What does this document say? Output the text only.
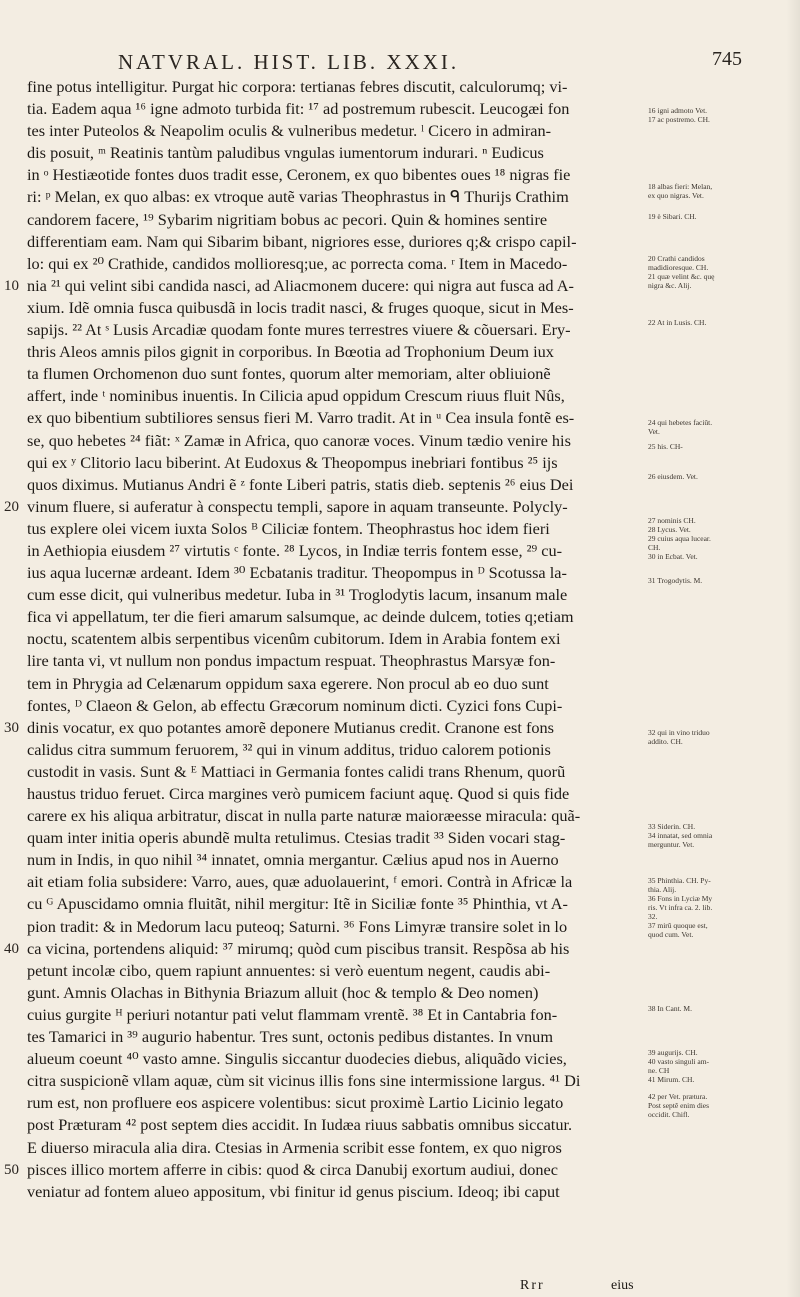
NATVRAL. HIST. LIB. XXXI.	745
fine potus intelligitur. Purgat hic corpora: tertianas febres discutit, calculorumq; vi-
tia. Eadem aqua ¹⁶ igne admoto turbida fit: ¹⁷ ad postremum rubescit. Leucogæi fon
tes inter Puteolos & Neapolim oculis & vulneribus medetur. ˡ Cicero in admiran-
dis posuit, ᵐ Reatinis tantùm paludibus vngulas iumentorum indurari. ⁿ Eudicus
in ᵒ Hestiæotide fontes duos tradit esse, Ceronem, ex quo bibentes oues ¹⁸ nigras fie
ri: ᵖ Melan, ex quo albas: ex vtroque autẽ varias Theophrastus in ᑫ Thurijs Crathim
candorem facere, ¹⁹ Sybarim nigritiam bobus ac pecori. Quin & homines sentire
differentiam eam. Nam qui Sibarim bibant, nigriores esse, duriores q;& crispo capil-
lo: qui ex ²⁰ Crathide, candidos mollioresq;ue, ac porrecta coma. ʳ Item in Macedo-
nia ²¹ qui velint sibi candida nasci, ad Aliacmonem ducere: qui nigra aut fusca ad A-
xium. Idẽ omnia fusca quibusdã in locis tradit nasci, & fruges quoque, sicut in Mes-
sapijs. ²² At ˢ Lusis Arcadiæ quodam fonte mures terrestres viuere & cõuersari. Ery-
thris Aleos amnis pilos gignit in corporibus. In Bœotia ad Trophonium Deum iux
ta flumen Orchomenon duo sunt fontes, quorum alter memoriam, alter obliuionẽ
affert, inde ᵗ nominibus inuentis. In Cilicia apud oppidum Crescum riuus fluit Nûs,
ex quo bibentium subtiliores sensus fieri M. Varro tradit. At in ᵘ Cea insula fontẽ es-
se, quo hebetes ²⁴ fiãt: ˣ Zamæ in Africa, quo canoræ voces. Vinum tædio venire his
qui ex ʸ Clitorio lacu biberint. At Eudoxus & Theopompus inebriari fontibus ²⁵ ijs
quos diximus. Mutianus Andri ẽ ᶻ fonte Liberi patris, statis dieb. septenis ²⁶ eius Dei
vinum fluere, si auferatur à conspectu templi, sapore in aquam transeunte. Polycly-
tus explere olei vicem iuxta Solos ᴮ Ciliciæ fontem. Theophrastus hoc idem fieri
in Aethiopia eiusdem ²⁷ virtutis ᶜ fonte. ²⁸ Lycos, in Indiæ terris fontem esse, ²⁹ cu-
ius aqua lucernæ ardeant. Idem ³⁰ Ecbatanis traditur. Theopompus in ᴰ Scotussa la-
cum esse dicit, qui vulneribus medetur. Iuba in ³¹ Troglodytis lacum, insanum male
fica vi appellatum, ter die fieri amarum salsumque, ac deinde dulcem, toties q;etiam
noctu, scatentem albis serpentibus vicenûm cubitorum. Idem in Arabia fontem exi
lire tanta vi, vt nullum non pondus impactum respuat. Theophrastus Marsyæ fon-
tem in Phrygia ad Celænarum oppidum saxa egerere. Non procul ab eo duo sunt
fontes, ᴰ Claeon & Gelon, ab effectu Græcorum nominum dicti. Cyzici fons Cupi-
dinis vocatur, ex quo potantes amorẽ deponere Mutianus credit. Cranone est fons
calidus citra summum feruorem, ³² qui in vinum additus, triduo calorem potionis
custodit in vasis. Sunt & ᴱ Mattiaci in Germania fontes calidi trans Rhenum, quorũ
haustus triduo feruet. Circa margines verò pumicem faciunt aquę. Quod si quis fide
carere ex his aliqua arbitratur, discat in nulla parte naturæ maioræesse miracula: quã-
quam inter initia operis abundẽ multa retulimus. Ctesias tradit ³³ Siden vocari stag-
num in Indis, in quo nihil ³⁴ innatet, omnia mergantur. Cælius apud nos in Auerno
ait etiam folia subsidere: Varro, aues, quæ aduolauerint, ᶠ emori. Contrà in Africæ la
cu ᴳ Apuscidamo omnia fluitãt, nihil mergitur: Itẽ in Siciliæ fonte ³⁵ Phinthia, vt A-
pion tradit: & in Medorum lacu puteoq; Saturni. ³⁶ Fons Limyræ transire solet in lo
ca vicina, portendens aliquid: ³⁷ mirumq; quòd cum piscibus transit. Respõsa ab his
petunt incolæ cibo, quem rapiunt annuentes: si verò euentum negent, caudis abi-
gunt. Amnis Olachas in Bithynia Briazum alluit (hoc & templo & Deo nomen)
cuius gurgite ᴴ periuri notantur pati velut flammam vrentẽ. ³⁸ Et in Cantabria fon-
tes Tamarici in ³⁹ augurio habentur. Tres sunt, octonis pedibus distantes. In vnum
alueum coeunt ⁴⁰ vasto amne. Singulis siccantur duodecies diebus, aliquãdo vicies,
citra suspicionẽ vllam aquæ, cùm sit vicinus illis fons sine intermissione largus. ⁴¹ Di
rum est, non profluere eos aspicere volentibus: sicut proximè Lartio Licinio legato
post Præturam ⁴² post septem dies accidit. In Iudæa riuus sabbatis omnibus siccatur.
E diuerso miracula alia dira. Ctesias in Armenia scribit esse fontem, ex quo nigros
pisces illico mortem afferre in cibis: quod & circa Danubij exortum audiui, donec
veniatur ad fontem alueo appositum, vbi finitur id genus piscium. Ideoq; ibi caput
16 igni admoto Vet.
17 ac postremo. CH.
18 albas fieri: Melan,
ex quo nigras. Vet.
19 è Sibari. CH.
20 Crathi candidos
madidioresque. CH.
21 quæ velint &c. quę
nigra &c. Alij.
22 At in Lusis. CH.
24 qui hebetes faciũt.
Vet.
25 his. CH-
26 eiusdem. Vet.
27 nominis CH.
28 Lycus. Vet.
29 cuius aqua lucear.
CH.
30 in Ecbat. Vet.
31 Trogodytis. M.
32 qui in vino triduo
addito. CH.
33 Siderin. CH.
34 innatat, sed omnia
merguntur. Vet.
35 Phinthia. CH. Py-
thia. Alij.
36 Fons in Lyciæ My
ris. Vt infra ca. 2. lib.
32.
37 mirũ quoque est,
quod cum. Vet.
38 In Cant. M.
39 augurijs. CH.
40 vasto singuli am-
ne. CH
41 Mirum. CH.
42 per Vet. prætura.
Post septẽ enim dies
occidit. Chifl.
Rrr	eius
10
20
30
40
50
